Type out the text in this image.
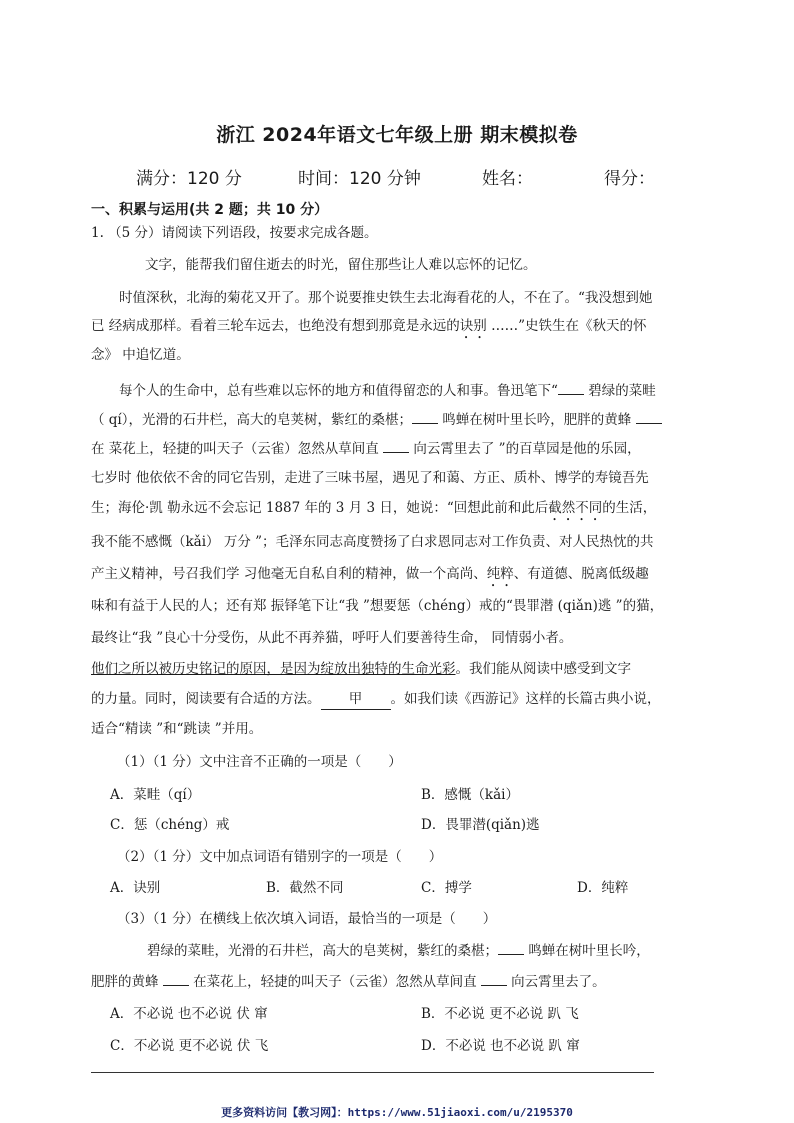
浙江 2024年语文七年级上册 期末模拟卷
满分：120 分	时间：120 分钟	姓名：	得分：
一、积累与运用(共 2 题；共 10 分）
1. （5 分）请阅读下列语段，按要求完成各题。
文字，能帮我们留住逝去的时光，留住那些让人难以忘怀的记忆。
时值深秋，北海的菊花又开了。那个说要推史铁生去北海看花的人，不在了。“我没想到她
已 经病成那样。看着三轮车远去，也绝没有想到那竟是永远的诀别 ……”史铁生在《秋天的怀
念》 中追忆道。
每个人的生命中，总有些难以忘怀的地方和值得留恋的人和事。鲁迅笔下“ 碧绿的菜畦
（ qí），光滑的石井栏，高大的皂荚树，紫红的桑椹； 鸣蝉在树叶里长吟，肥胖的黄蜂
在 菜花上，轻捷的叫天子（云雀）忽然从草间直  向云霄里去了 ”的百草园是他的乐园，
七岁时 他依依不舍的同它告别，走进了三味书屋，遇见了和蔼、方正、质朴、博学的寿镜吾先
生；海伦·凯 勒永远不会忘记 1887 年的 3 月 3 日，她说：“回想此前和此后截然不同的生活，
我不能不感慨（kǎi） 万分 ”；毛泽东同志高度赞扬了白求恩同志对工作负责、对人民热忱的共
产主义精神，号召我们学 习他毫无自私自利的精神，做一个高尚、纯粹、有道德、脱离低级趣
味和有益于人民的人；还有郑 振铎笔下让“我 ”想要惩（chéng）戒的“畏罪潜 (qiǎn)逃 ”的猫，
最终让“我 ”良心十分受伤，从此不再养猫，呼吁人们要善待生命， 同情弱小者。
他们之所以被历史铭记的原因，是因为绽放出独特的生命光彩。我们能从阅读中感受到文字
的力量。同时，阅读要有合适的方法。 甲 。如我们读《西游记》这样的长篇古典小说，
适合“精读 ”和“跳读 ”并用。
（1）（1 分）文中注音不正确的一项是（　　）
A．菜畦（qí）	B．感慨（kǎi）
C．惩（chéng）戒	D．畏罪潜(qiǎn)逃
（2）（1 分）文中加点词语有错别字的一项是（　　）
A．诀别	B．截然不同	C．搏学	D．纯粹
（3）（1 分）在横线上依次填入词语，最恰当的一项是（　　）
碧绿的菜畦，光滑的石井栏，高大的皂荚树，紫红的桑椹； 鸣蝉在树叶里长吟，
肥胖的黄蜂  在菜花上，轻捷的叫天子（云雀）忽然从草间直  向云霄里去了。
A．不必说 也不必说 伏 窜	B．不必说 更不必说 趴 飞
C．不必说 更不必说 伏 飞	D．不必说 也不必说 趴 窜
更多资料访问【教习网】：https://www.51jiaoxi.com/u/2195370
